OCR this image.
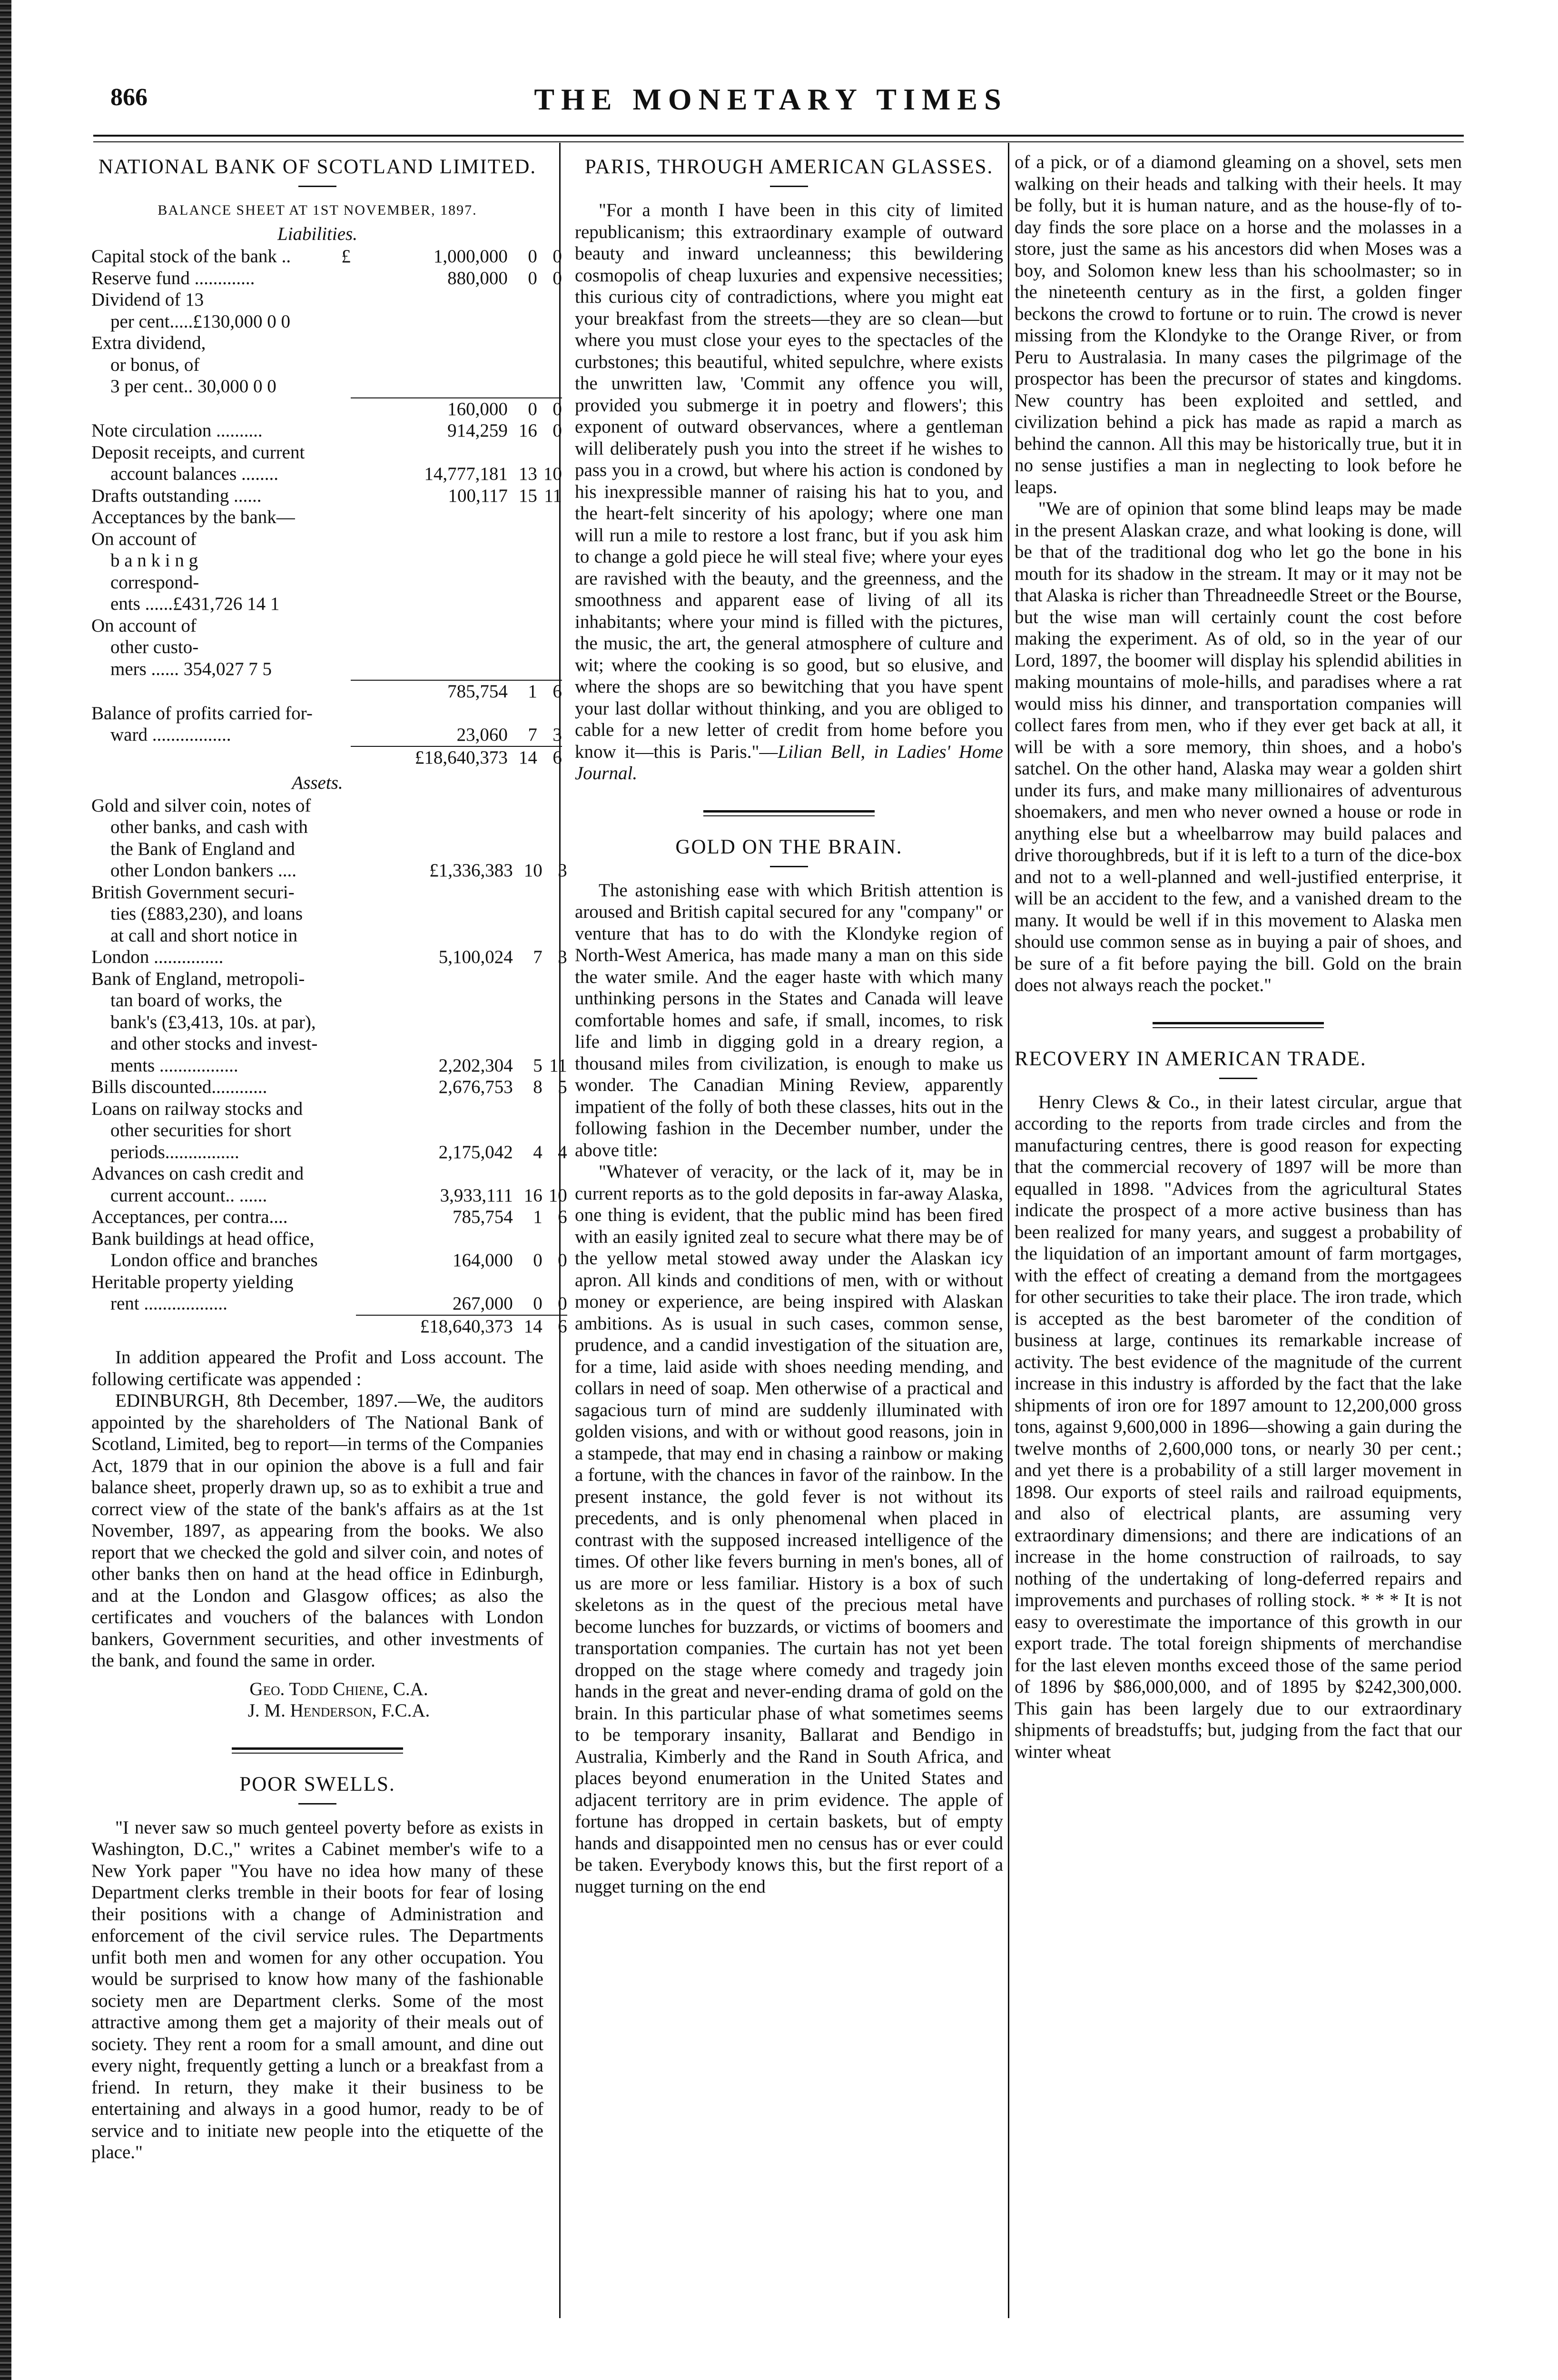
866	THE MONETARY TIMES
NATIONAL BANK OF SCOTLAND LIMITED.
BALANCE SHEET AT 1ST NOVEMBER, 1897.
Liabilities.
Capital stock of the bank ..	£	1,000,000	0 0
Reserve fund .............	880,000	0 0
Dividend of 13
per cent.....£130,000 0 0
Extra dividend,
or bonus, of
3 per cent.. 30,000 0 0
160,000	0 0
Note circulation ..........	914,259 16 0
Deposit receipts, and current
account balances ........	14,777,181 13 10
Drafts outstanding ......	100,117 15 11
Acceptances by the bank—
On account of
b a n k i n g
correspond-
ents ......£431,726 14 1
On account of
other custo-
mers ...... 354,027 7 5
785,754	1 6
Balance of profits carried for-
ward .................	23,060	7 3
£18,640,373 14 6
Assets.
Gold and silver coin, notes of
other banks, and cash with
the Bank of England and
other London bankers ....	£1,336,383 10 3
British Government securi-
ties (£883,230), and loans
at call and short notice in
London ...............	5,100,024	7 3
Bank of England, metropoli-
tan board of works, the
bank's (£3,413, 10s. at par),
and other stocks and invest-
ments .................	2,202,304	5 11
Bills discounted............	2,676,753	8 5
Loans on railway stocks and
other securities for short
periods................	2,175,042	4 4
Advances on cash credit and
current account.. ......	3,933,111 16 10
Acceptances, per contra....	785,754	1 6
Bank buildings at head office,
London office and branches	164,000	0 0
Heritable property yielding
rent ..................	267,000	0 0
£18,640,373 14 6

In addition appeared the Profit and Loss account. The following certificate was appended :

EDINBURGH, 8th December, 1897.—We, the auditors appointed by the shareholders of The National Bank of Scotland, Limited, beg to report—in terms of the Companies Act, 1879 that in our opinion the above is a full and fair balance sheet, properly drawn up, so as to exhibit a true and correct view of the state of the bank's affairs as at the 1st November, 1897, as appearing from the books. We also report that we checked the gold and silver coin, and notes of other banks then on hand at the head office in Edinburgh, and at the London and Glasgow offices; as also the certificates and vouchers of the balances with London bankers, Government securities, and other investments of the bank, and found the same in order.

Geo. Todd Chiene, C.A.
J. M. Henderson, F.C.A.
POOR SWELLS.

"I never saw so much genteel poverty before as exists in Washington, D.C.," writes a Cabinet member's wife to a New York paper "You have no idea how many of these Department clerks tremble in their boots for fear of losing their positions with a change of Administration and enforcement of the civil service rules. The Departments unfit both men and women for any other occupation. You would be surprised to know how many of the fashionable society men are Department clerks. Some of the most attractive among them get a majority of their meals out of society. They rent a room for a small amount, and dine out every night, frequently getting a lunch or a breakfast from a friend. In return, they make it their business to be entertaining and always in a good humor, ready to be of service and to initiate new people into the etiquette of the place."

PARIS, THROUGH AMERICAN GLASSES.

"For a month I have been in this city of limited republicanism; this extraordinary example of outward beauty and inward uncleanness; this bewildering cosmopolis of cheap luxuries and expensive necessities; this curious city of contradictions, where you might eat your breakfast from the streets—they are so clean—but where you must close your eyes to the spectacles of the curbstones; this beautiful, whited sepulchre, where exists the unwritten law, 'Commit any offence you will, provided you submerge it in poetry and flowers'; this exponent of outward observances, where a gentleman will deliberately push you into the street if he wishes to pass you in a crowd, but where his action is condoned by his inexpressible manner of raising his hat to you, and the heart-felt sincerity of his apology; where one man will run a mile to restore a lost franc, but if you ask him to change a gold piece he will steal five; where your eyes are ravished with the beauty, and the greenness, and the smoothness and apparent ease of living of all its inhabitants; where your mind is filled with the pictures, the music, the art, the general atmosphere of culture and wit; where the cooking is so good, but so elusive, and where the shops are so bewitching that you have spent your last dollar without thinking, and you are obliged to cable for a new letter of credit from home before you know it—this is Paris."—Lilian Bell, in Ladies' Home Journal.

GOLD ON THE BRAIN.

The astonishing ease with which British attention is aroused and British capital secured for any "company" or venture that has to do with the Klondyke region of North-West America, has made many a man on this side the water smile. And the eager haste with which many unthinking persons in the States and Canada will leave comfortable homes and safe, if small, incomes, to risk life and limb in digging gold in a dreary region, a thousand miles from civilization, is enough to make us wonder. The Canadian Mining Review, apparently impatient of the folly of both these classes, hits out in the following fashion in the December number, under the above title:

"Whatever of veracity, or the lack of it, may be in current reports as to the gold deposits in far-away Alaska, one thing is evident, that the public mind has been fired with an easily ignited zeal to secure what there may be of the yellow metal stowed away under the Alaskan icy apron. All kinds and conditions of men, with or without money or experience, are being inspired with Alaskan ambitions. As is usual in such cases, common sense, prudence, and a candid investigation of the situation are, for a time, laid aside with shoes needing mending, and collars in need of soap. Men otherwise of a practical and sagacious turn of mind are suddenly illuminated with golden visions, and with or without good reasons, join in a stampede, that may end in chasing a rainbow or making a fortune, with the chances in favor of the rainbow. In the present instance, the gold fever is not without its precedents, and is only phenomenal when placed in contrast with the supposed increased intelligence of the times. Of other like fevers burning in men's bones, all of us are more or less familiar. History is a box of such skeletons as in the quest of the precious metal have become lunches for buzzards, or victims of boomers and transportation companies. The curtain has not yet been dropped on the stage where comedy and tragedy join hands in the great and never-ending drama of gold on the brain. In this particular phase of what sometimes seems to be temporary insanity, Ballarat and Bendigo in Australia, Kimberly and the Rand in South Africa, and places beyond enumeration in the United States and adjacent territory are in prim evidence. The apple of fortune has dropped in certain baskets, but of empty hands and disappointed men no census has or ever could be taken. Everybody knows this, but the first report of a nugget turning on the end

of a pick, or of a diamond gleaming on a shovel, sets men walking on their heads and talking with their heels. It may be folly, but it is human nature, and as the house-fly of to-day finds the sore place on a horse and the molasses in a store, just the same as his ancestors did when Moses was a boy, and Solomon knew less than his schoolmaster; so in the nineteenth century as in the first, a golden finger beckons the crowd to fortune or to ruin. The crowd is never missing from the Klondyke to the Orange River, or from Peru to Australasia. In many cases the pilgrimage of the prospector has been the precursor of states and kingdoms. New country has been exploited and settled, and civilization behind a pick has made as rapid a march as behind the cannon. All this may be historically true, but it in no sense justifies a man in neglecting to look before he leaps.

"We are of opinion that some blind leaps may be made in the present Alaskan craze, and what looking is done, will be that of the traditional dog who let go the bone in his mouth for its shadow in the stream. It may or it may not be that Alaska is richer than Threadneedle Street or the Bourse, but the wise man will certainly count the cost before making the experiment. As of old, so in the year of our Lord, 1897, the boomer will display his splendid abilities in making mountains of mole-hills, and paradises where a rat would miss his dinner, and transportation companies will collect fares from men, who if they ever get back at all, it will be with a sore memory, thin shoes, and a hobo's satchel. On the other hand, Alaska may wear a golden shirt under its furs, and make many millionaires of adventurous shoemakers, and men who never owned a house or rode in anything else but a wheelbarrow may build palaces and drive thoroughbreds, but if it is left to a turn of the dice-box and not to a well-planned and well-justified enterprise, it will be an accident to the few, and a vanished dream to the many. It would be well if in this movement to Alaska men should use common sense as in buying a pair of shoes, and be sure of a fit before paying the bill. Gold on the brain does not always reach the pocket."

RECOVERY IN AMERICAN TRADE.

Henry Clews & Co., in their latest circular, argue that according to the reports from trade circles and from the manufacturing centres, there is good reason for expecting that the commercial recovery of 1897 will be more than equalled in 1898. "Advices from the agricultural States indicate the prospect of a more active business than has been realized for many years, and suggest a probability of the liquidation of an important amount of farm mortgages, with the effect of creating a demand from the mortgagees for other securities to take their place. The iron trade, which is accepted as the best barometer of the condition of business at large, continues its remarkable increase of activity. The best evidence of the magnitude of the current increase in this industry is afforded by the fact that the lake shipments of iron ore for 1897 amount to 12,200,000 gross tons, against 9,600,000 in 1896—showing a gain during the twelve months of 2,600,000 tons, or nearly 30 per cent.; and yet there is a probability of a still larger movement in 1898. Our exports of steel rails and railroad equipments, and also of electrical plants, are assuming very extraordinary dimensions; and there are indications of an increase in the home construction of railroads, to say nothing of the undertaking of long-deferred repairs and improvements and purchases of rolling stock. * * * It is not easy to overestimate the importance of this growth in our export trade. The total foreign shipments of merchandise for the last eleven months exceed those of the same period of 1896 by $86,000,000, and of 1895 by $242,300,000. This gain has been largely due to our extraordinary shipments of breadstuffs; but, judging from the fact that our winter wheat
